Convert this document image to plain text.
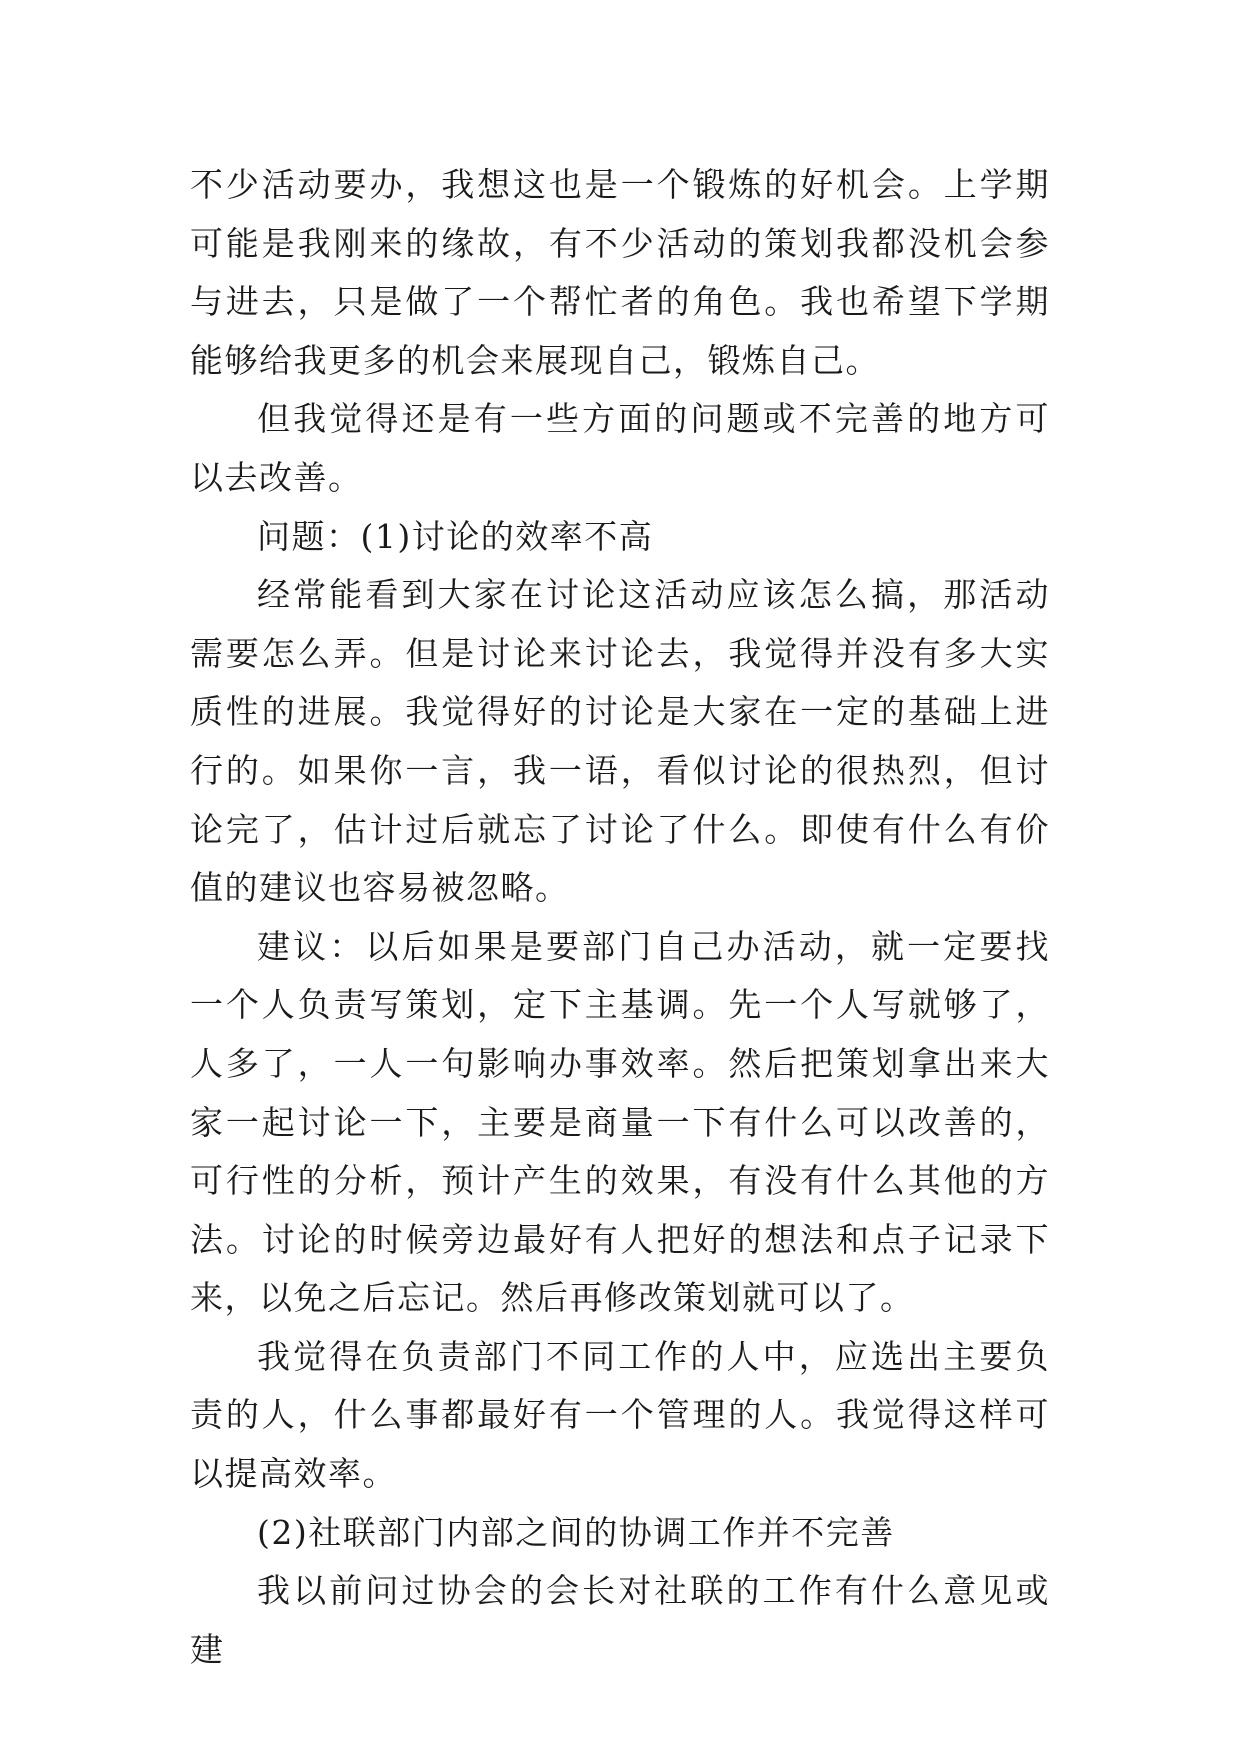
不少活动要办，我想这也是一个锻炼的好机会。上学期可能是我刚来的缘故，有不少活动的策划我都没机会参与进去，只是做了一个帮忙者的角色。我也希望下学期能够给我更多的机会来展现自己，锻炼自己。

但我觉得还是有一些方面的问题或不完善的地方可以去改善。

问题：(1)讨论的效率不高

经常能看到大家在讨论这活动应该怎么搞，那活动需要怎么弄。但是讨论来讨论去，我觉得并没有多大实质性的进展。我觉得好的讨论是大家在一定的基础上进行的。如果你一言，我一语，看似讨论的很热烈，但讨论完了，估计过后就忘了讨论了什么。即使有什么有价值的建议也容易被忽略。

建议：以后如果是要部门自己办活动，就一定要找一个人负责写策划，定下主基调。先一个人写就够了，人多了，一人一句影响办事效率。然后把策划拿出来大家一起讨论一下，主要是商量一下有什么可以改善的，可行性的分析，预计产生的效果，有没有什么其他的方法。讨论的时候旁边最好有人把好的想法和点子记录下来，以免之后忘记。然后再修改策划就可以了。

我觉得在负责部门不同工作的人中，应选出主要负责的人，什么事都最好有一个管理的人。我觉得这样可以提高效率。

(2)社联部门内部之间的协调工作并不完善

我以前问过协会的会长对社联的工作有什么意见或建
